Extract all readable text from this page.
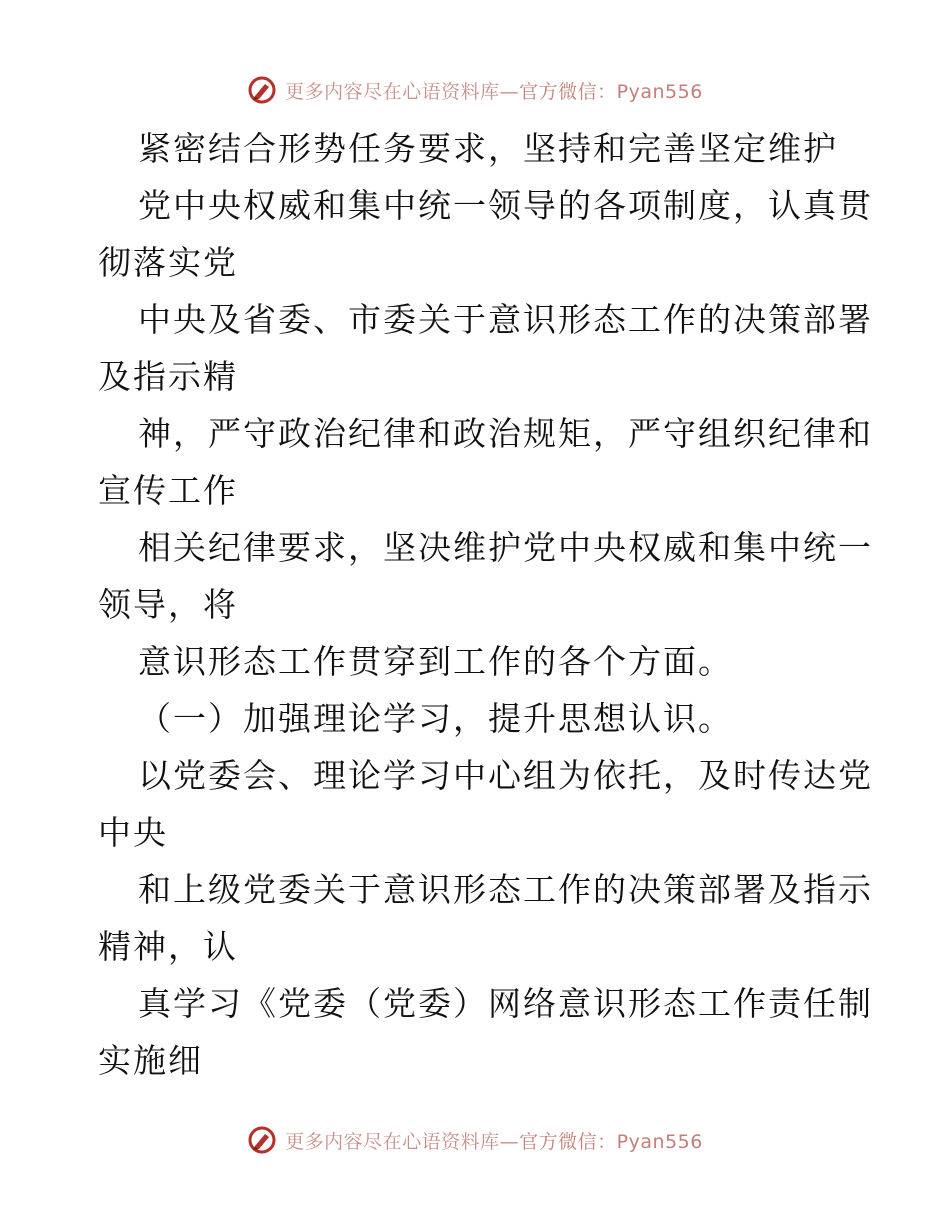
更多内容尽在心语资料库—官方微信：Pyan556
紧密结合形势任务要求，坚持和完善坚定维护
党中央权威和集中统一领导的各项制度，认真贯
彻落实党
中央及省委、市委关于意识形态工作的决策部署
及指示精
神，严守政治纪律和政治规矩，严守组织纪律和
宣传工作
相关纪律要求，坚决维护党中央权威和集中统一
领导，将
意识形态工作贯穿到工作的各个方面。
（一）加强理论学习，提升思想认识。
以党委会、理论学习中心组为依托，及时传达党
中央
和上级党委关于意识形态工作的决策部署及指示
精神，认
真学习《党委（党委）网络意识形态工作责任制
实施细
更多内容尽在心语资料库—官方微信：Pyan556
